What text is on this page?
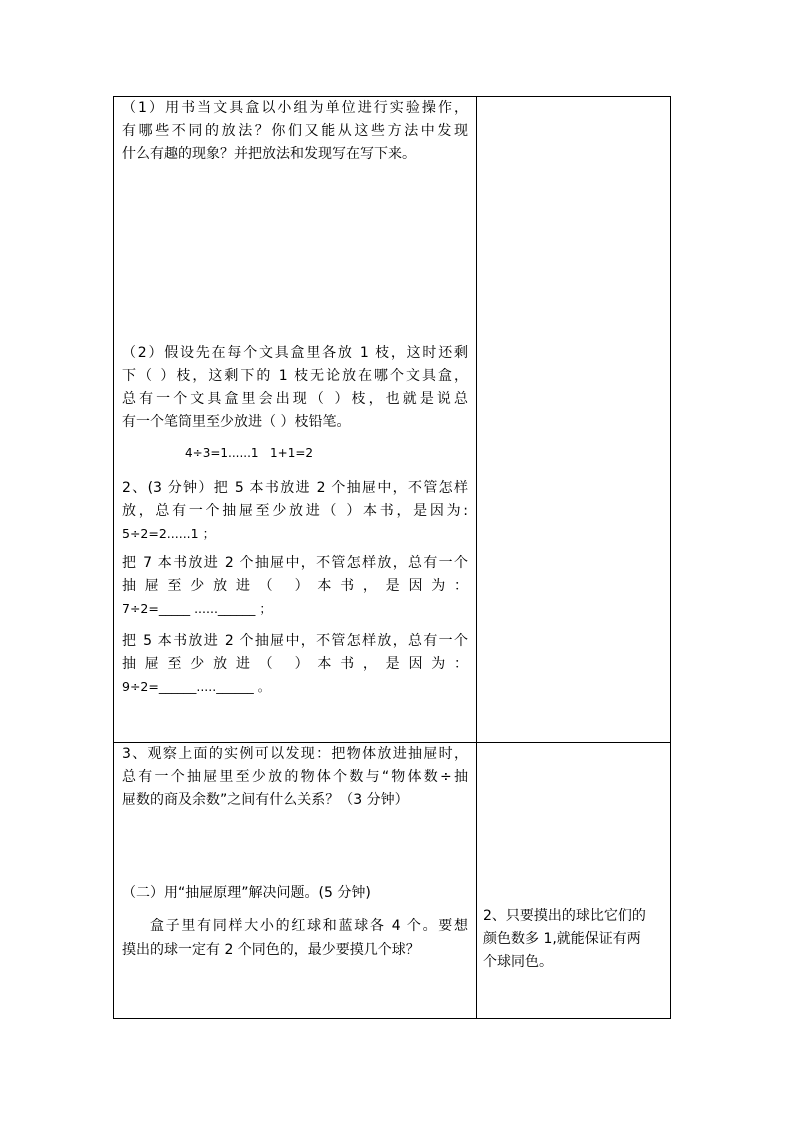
（1）用书当文具盒以小组为单位进行实验操作，

有哪些不同的放法？你们又能从这些方法中发现

什么有趣的现象？并把放法和发现写在写下来。

（2）假设先在每个文具盒里各放 1 枝，这时还剩

下（ ）枝，这剩下的 1 枝无论放在哪个文具盒，

总有一个文具盒里会出现（ ）枝，也就是说总

有一个笔筒里至少放进（ ）枝铅笔。

4÷3=1......1 1+1=2

2、(3 分钟）把 5 本书放进 2 个抽屉中，不管怎样

放，总有一个抽屉至少放进（ ）本书，是因为:

5÷2=2......1 ；

把 7 本书放进 2 个抽屉中，不管怎样放，总有一个

抽屉至少放进（ ）本书，是因为：

7÷2=_____ ......______ ；

把 5 本书放进 2 个抽屉中，不管怎样放，总有一个

抽屉至少放进（ ）本书，是因为：

9÷2=______.....______ 。

3、观察上面的实例可以发现：把物体放进抽屉时，

总有一个抽屉里至少放的物体个数与“物体数÷抽

屉数的商及余数”之间有什么关系？（3 分钟）

（二）用“抽屉原理”解决问题。(5 分钟)

盒子里有同样大小的红球和蓝球各 4 个。要想

摸出的球一定有 2 个同色的，最少要摸几个球？

2、只要摸出的球比它们的

颜色数多 1,就能保证有两

个球同色。
